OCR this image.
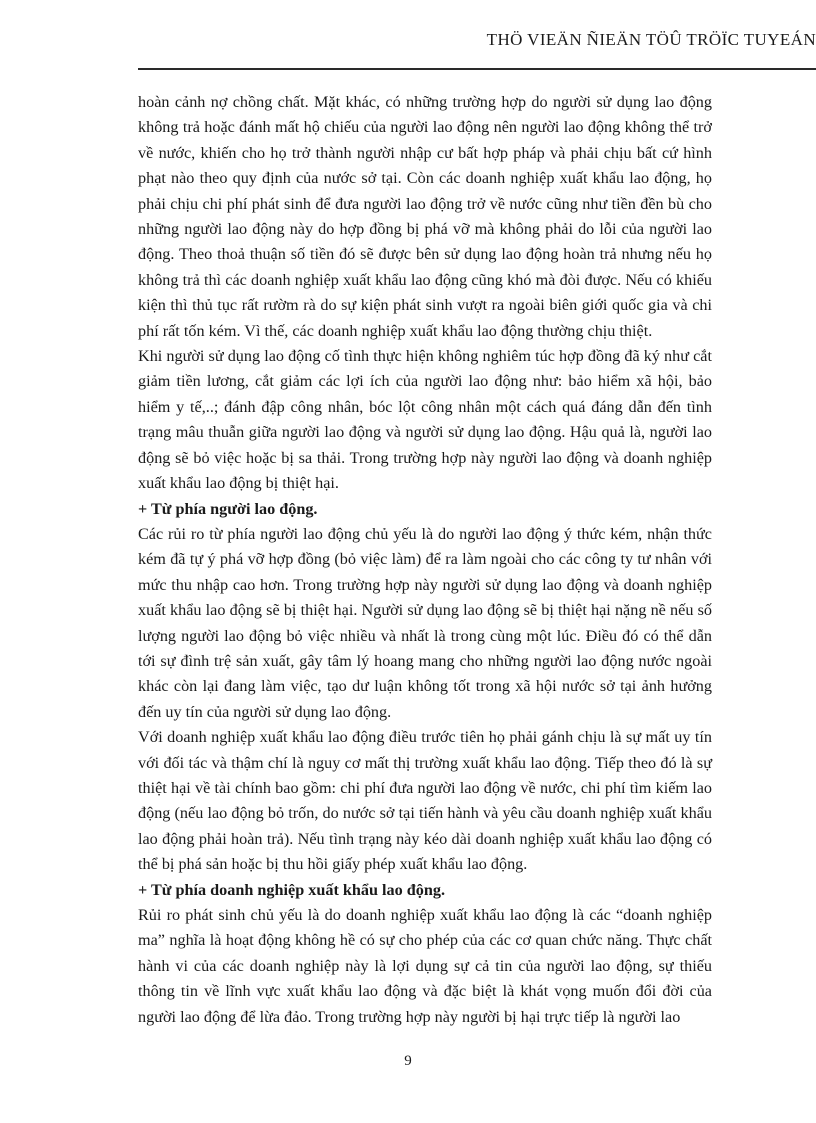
THÖ VIEÄN ÑIEÄN TÖÛ TRÖÏC TUYEÁN

hoàn cảnh nợ chồng chất. Mặt khác, có những trường hợp do người sử dụng lao động không trả hoặc đánh mất hộ chiếu của người lao động nên người lao động không thể trở về nước, khiến cho họ trở thành người nhập cư bất hợp pháp và phải chịu bất cứ hình phạt nào theo quy định của nước sở tại. Còn các doanh nghiệp xuất khẩu lao động, họ phải chịu chi phí phát sinh để đưa người lao động trở về nước cũng như tiền đền bù cho những người lao động này do hợp đồng bị phá vỡ mà không phải do lỗi của người lao động. Theo thoả thuận số tiền đó sẽ được bên sử dụng lao động hoàn trả nhưng nếu họ không trả thì các doanh nghiệp xuất khẩu lao động cũng khó mà đòi được. Nếu có khiếu kiện thì thủ tục rất rườm rà do sự kiện phát sinh vượt ra ngoài biên giới quốc gia và chi phí rất tốn kém. Vì thế, các doanh nghiệp xuất khẩu lao động thường chịu thiệt.

Khi người sử dụng lao động cố tình thực hiện không nghiêm túc hợp đồng đã ký như cắt giảm tiền lương, cắt giảm các lợi ích của người lao động như: bảo hiểm xã hội, bảo hiểm y tế,..; đánh đập công nhân, bóc lột công nhân một cách quá đáng dẫn đến tình trạng mâu thuẫn giữa người lao động và người sử dụng lao động. Hậu quả là, người lao động sẽ bỏ việc hoặc bị sa thải. Trong trường hợp này người lao động và doanh nghiệp xuất khẩu lao động bị thiệt hại.

+ Từ phía người lao động.

Các rủi ro từ phía người lao động chủ yếu là do người lao động ý thức kém, nhận thức kém đã tự ý phá vỡ hợp đồng (bỏ việc làm) để ra làm ngoài cho các công ty tư nhân với mức thu nhập cao hơn. Trong trường hợp này người sử dụng lao động và doanh nghiệp xuất khẩu lao động sẽ bị thiệt hại. Người sử dụng lao động sẽ bị thiệt hại nặng nề nếu số lượng người lao động bỏ việc nhiều và nhất là trong cùng một lúc. Điều đó có thể dẫn tới sự đình trệ sản xuất, gây tâm lý hoang mang cho những người lao động nước ngoài khác còn lại đang làm việc, tạo dư luận không tốt trong xã hội nước sở tại ảnh hưởng đến uy tín của người sử dụng lao động.

Với doanh nghiệp xuất khẩu lao động điều trước tiên họ phải gánh chịu là sự mất uy tín với đối tác và thậm chí là nguy cơ mất thị trường xuất khẩu lao động. Tiếp theo đó là sự thiệt hại về tài chính bao gồm: chi phí đưa người lao động về nước, chi phí tìm kiếm lao động (nếu lao động bỏ trốn, do nước sở tại tiến hành và yêu cầu doanh nghiệp xuất khẩu lao động phải hoàn trả). Nếu tình trạng này kéo dài doanh nghiệp xuất khẩu lao động có thể bị phá sản hoặc bị thu hồi giấy phép xuất khẩu lao động.

+ Từ phía doanh nghiệp xuất khẩu lao động.

Rủi ro phát sinh chủ yếu là do doanh nghiệp xuất khẩu lao động là các “doanh nghiệp ma” nghĩa là hoạt động không hề có sự cho phép của các cơ quan chức năng. Thực chất hành vi của các doanh nghiệp này là lợi dụng sự cả tin của người lao động, sự thiếu thông tin về lĩnh vực xuất khẩu lao động và đặc biệt là khát vọng muốn đổi đời của người lao động để lừa đảo. Trong trường hợp này người bị hại trực tiếp là người lao

9
